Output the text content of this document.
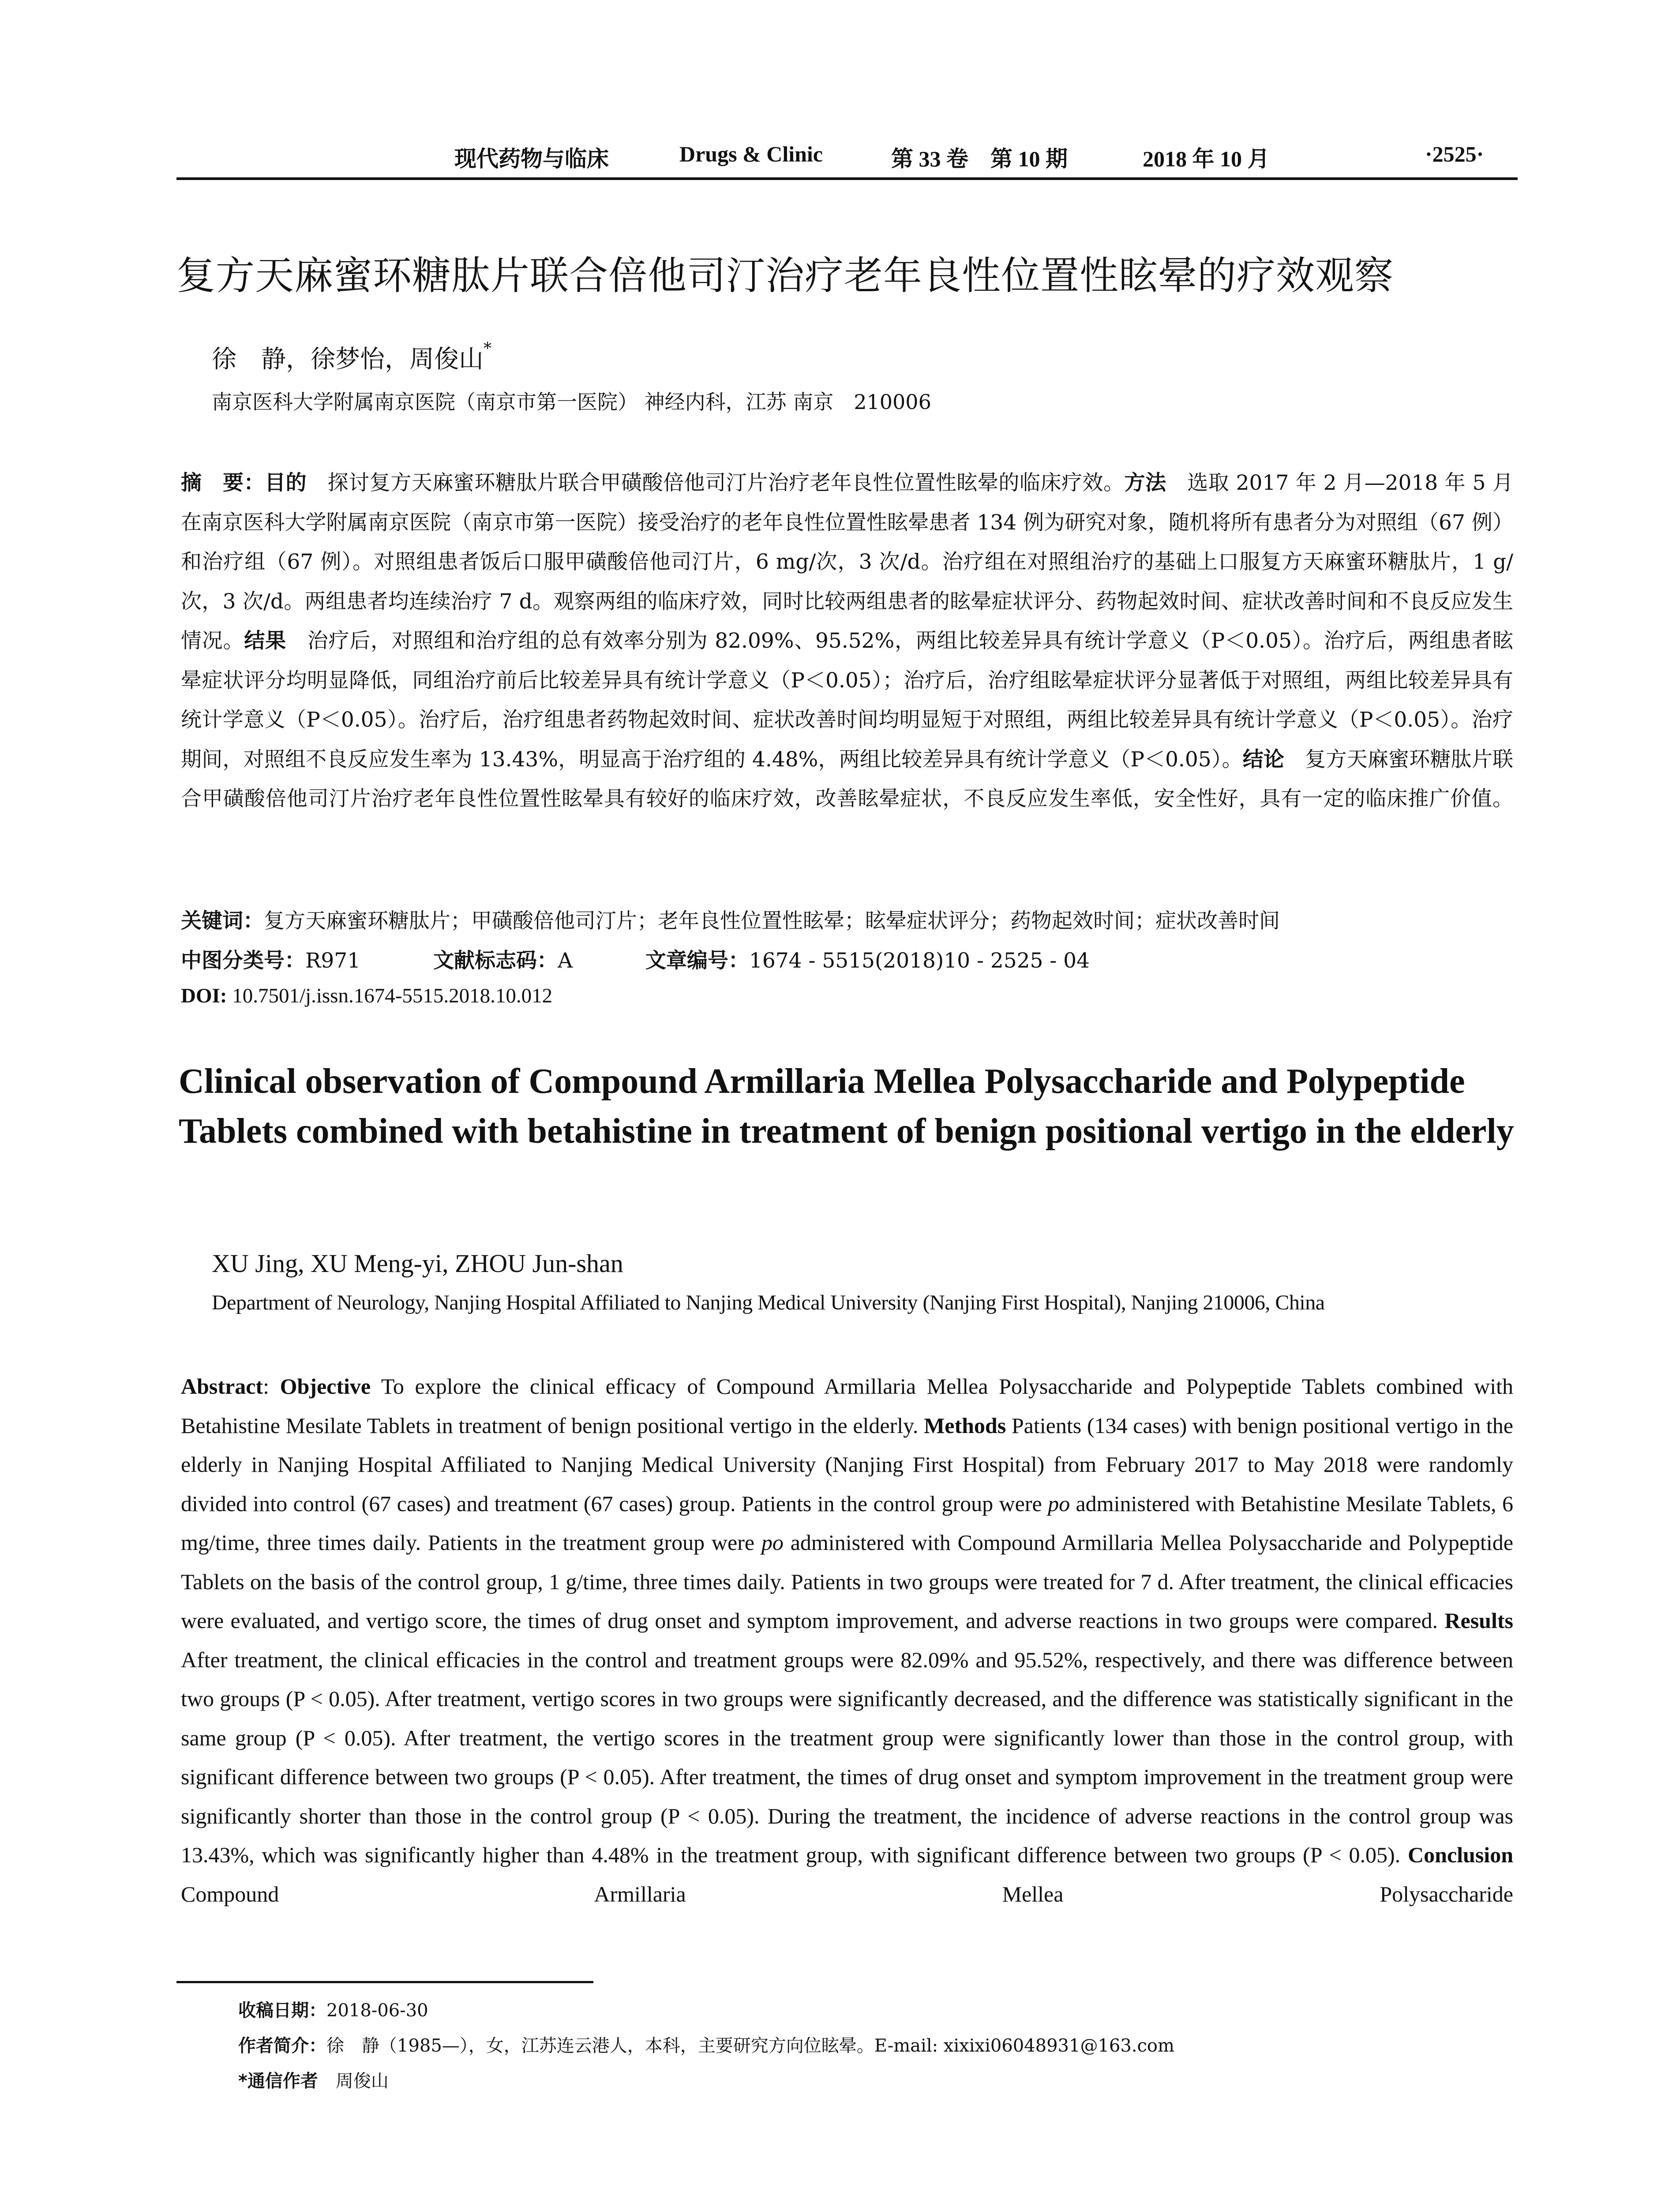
现代药物与临床	Drugs & Clinic	第 33 卷　第 10 期	2018 年 10 月	·2525·
复方天麻蜜环糖肽片联合倍他司汀治疗老年良性位置性眩晕的疗效观察
徐　静，徐梦怡，周俊山*
南京医科大学附属南京医院（南京市第一医院） 神经内科，江苏 南京　210006
摘　要：目的　探讨复方天麻蜜环糖肽片联合甲磺酸倍他司汀片治疗老年良性位置性眩晕的临床疗效。方法　选取 2017 年 2 月—2018 年 5 月在南京医科大学附属南京医院（南京市第一医院）接受治疗的老年良性位置性眩晕患者 134 例为研究对象，随机将所有患者分为对照组（67 例）和治疗组（67 例）。对照组患者饭后口服甲磺酸倍他司汀片，6 mg/次，3 次/d。治疗组在对照组治疗的基础上口服复方天麻蜜环糖肽片，1 g/次，3 次/d。两组患者均连续治疗 7 d。观察两组的临床疗效，同时比较两组患者的眩晕症状评分、药物起效时间、症状改善时间和不良反应发生情况。结果　治疗后，对照组和治疗组的总有效率分别为 82.09%、95.52%，两组比较差异具有统计学意义（P＜0.05）。治疗后，两组患者眩晕症状评分均明显降低，同组治疗前后比较差异具有统计学意义（P＜0.05）；治疗后，治疗组眩晕症状评分显著低于对照组，两组比较差异具有统计学意义（P＜0.05）。治疗后，治疗组患者药物起效时间、症状改善时间均明显短于对照组，两组比较差异具有统计学意义（P＜0.05）。治疗期间，对照组不良反应发生率为 13.43%，明显高于治疗组的 4.48%，两组比较差异具有统计学意义（P＜0.05）。结论　复方天麻蜜环糖肽片联合甲磺酸倍他司汀片治疗老年良性位置性眩晕具有较好的临床疗效，改善眩晕症状，不良反应发生率低，安全性好，具有一定的临床推广价值。
关键词：复方天麻蜜环糖肽片；甲磺酸倍他司汀片；老年良性位置性眩晕；眩晕症状评分；药物起效时间；症状改善时间
中图分类号：R971	文献标志码：A	文章编号：1674 - 5515(2018)10 - 2525 - 04
DOI: 10.7501/j.issn.1674-5515.2018.10.012
Clinical observation of Compound Armillaria Mellea Polysaccharide and Polypeptide Tablets combined with betahistine in treatment of benign positional vertigo in the elderly
XU Jing, XU Meng-yi, ZHOU Jun-shan
Department of Neurology, Nanjing Hospital Affiliated to Nanjing Medical University (Nanjing First Hospital), Nanjing 210006, China
Abstract: Objective To explore the clinical efficacy of Compound Armillaria Mellea Polysaccharide and Polypeptide Tablets combined with Betahistine Mesilate Tablets in treatment of benign positional vertigo in the elderly. Methods Patients (134 cases) with benign positional vertigo in the elderly in Nanjing Hospital Affiliated to Nanjing Medical University (Nanjing First Hospital) from February 2017 to May 2018 were randomly divided into control (67 cases) and treatment (67 cases) group. Patients in the control group were po administered with Betahistine Mesilate Tablets, 6 mg/time, three times daily. Patients in the treatment group were po administered with Compound Armillaria Mellea Polysaccharide and Polypeptide Tablets on the basis of the control group, 1 g/time, three times daily. Patients in two groups were treated for 7 d. After treatment, the clinical efficacies were evaluated, and vertigo score, the times of drug onset and symptom improvement, and adverse reactions in two groups were compared. Results After treatment, the clinical efficacies in the control and treatment groups were 82.09% and 95.52%, respectively, and there was difference between two groups (P < 0.05). After treatment, vertigo scores in two groups were significantly decreased, and the difference was statistically significant in the same group (P < 0.05). After treatment, the vertigo scores in the treatment group were significantly lower than those in the control group, with significant difference between two groups (P < 0.05). After treatment, the times of drug onset and symptom improvement in the treatment group were significantly shorter than those in the control group (P < 0.05). During the treatment, the incidence of adverse reactions in the control group was 13.43%, which was significantly higher than 4.48% in the treatment group, with significant difference between two groups (P < 0.05). Conclusion Compound Armillaria Mellea Polysaccharide
收稿日期：2018-06-30
作者简介：徐　静（1985—），女，江苏连云港人，本科，主要研究方向位眩晕。E-mail: xixixi06048931@163.com
*通信作者　周俊山
